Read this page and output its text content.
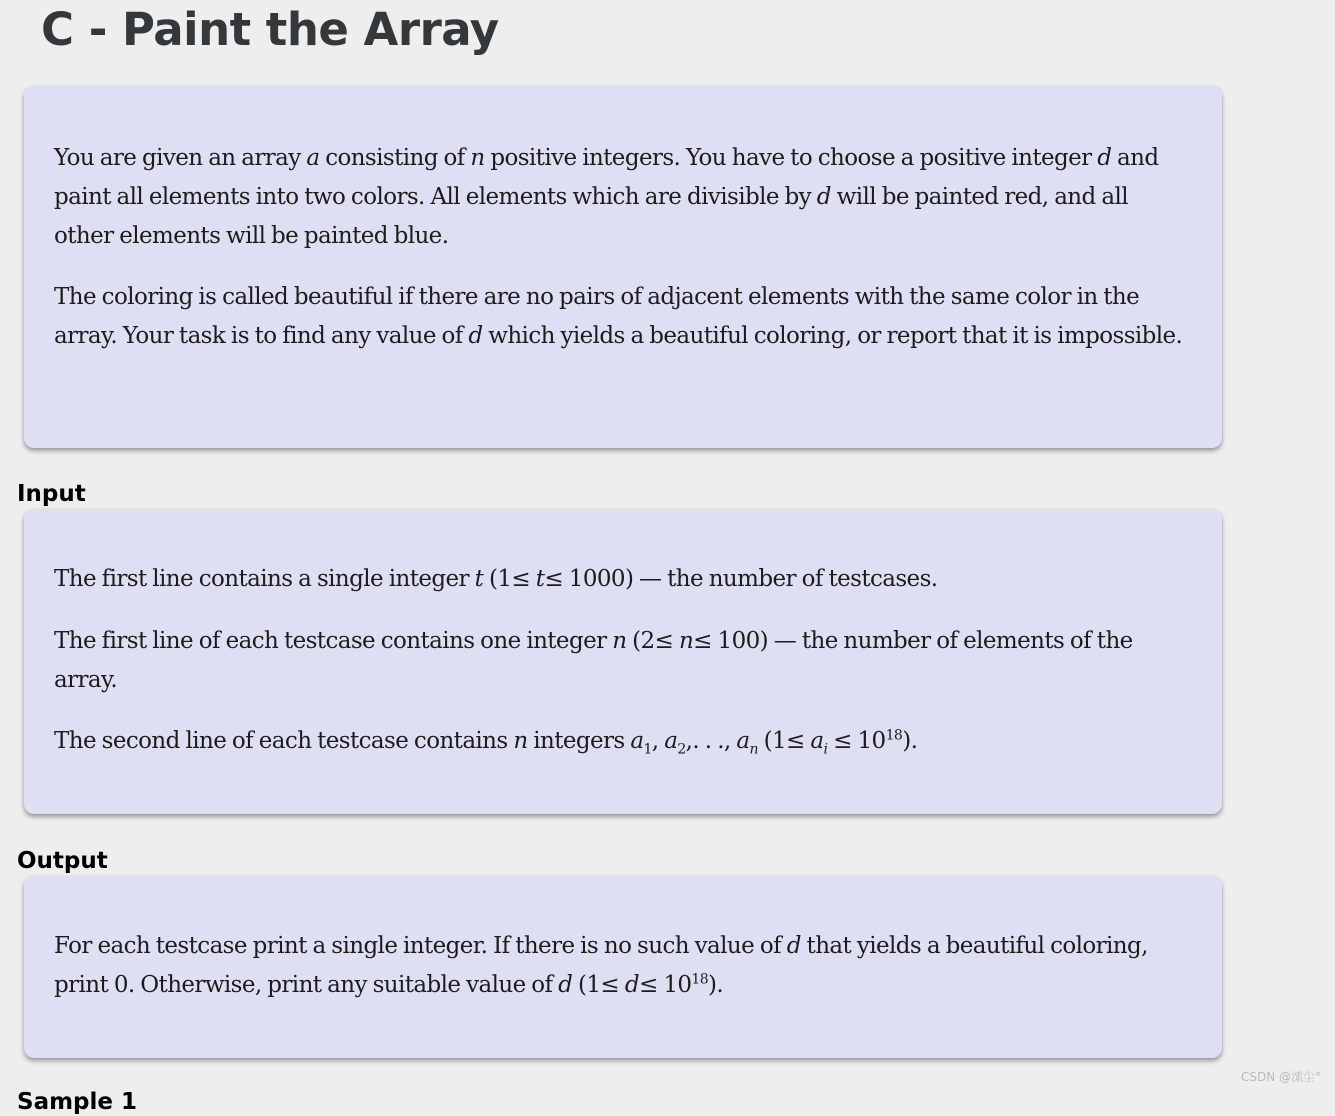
C - Paint the Array

You are given an array a consisting of n positive integers. You have to choose a positive integer d and paint all elements into two colors. All elements which are divisible by d will be painted red, and all other elements will be painted blue.

The coloring is called beautiful if there are no pairs of adjacent elements with the same color in the array. Your task is to find any value of d which yields a beautiful coloring, or report that it is impossible.

Input

The first line contains a single integer t (1≤ t≤ 1000) — the number of testcases.

The first line of each testcase contains one integer n (2≤ n≤ 100) — the number of elements of the array.

The second line of each testcase contains n integers $a_1$, $a_2$,. . ., $a_n$ $(1\le a_i \le 10^{18})$.

Output

For each testcase print a single integer. If there is no such value of d that yields a beautiful coloring, print 0. Otherwise, print any suitable value of d $(1\le d\le 10^{18})$.

Sample 1
CSDN @溹尘°
